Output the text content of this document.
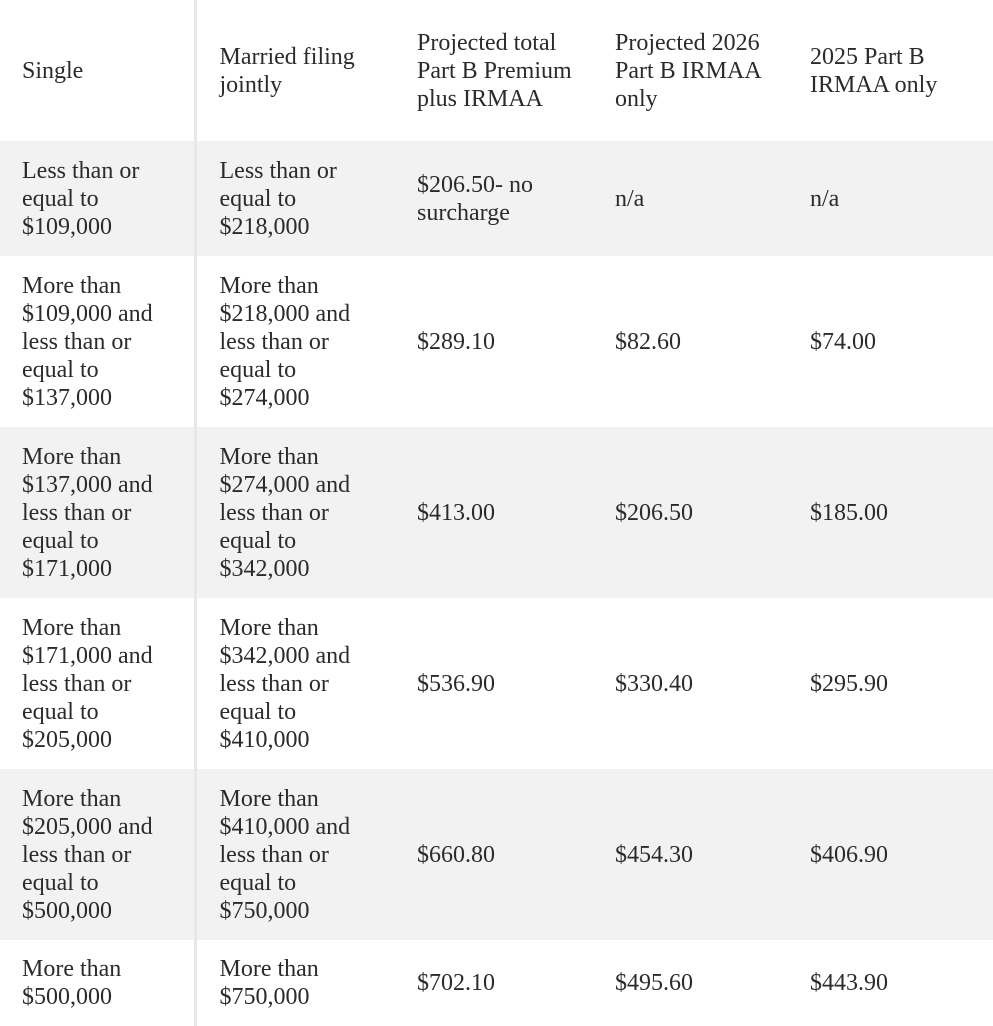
Single	Married filing jointly	Projected total Part B Premium plus IRMAA	Projected 2026 Part B IRMAA only	2025 Part B IRMAA only
Less than or equal to $109,000	Less than or equal to $218,000	$206.50- no surcharge	n/a	n/a
More than $109,000 and less than or equal to $137,000	More than $218,000 and less than or equal to $274,000	$289.10	$82.60	$74.00
More than $137,000 and less than or equal to $171,000	More than $274,000 and less than or equal to $342,000	$413.00	$206.50	$185.00
More than $171,000 and less than or equal to $205,000	More than $342,000 and less than or equal to $410,000	$536.90	$330.40	$295.90
More than $205,000 and less than or equal to $500,000	More than $410,000 and less than or equal to $750,000	$660.80	$454.30	$406.90
More than $500,000	More than $750,000	$702.10	$495.60	$443.90
